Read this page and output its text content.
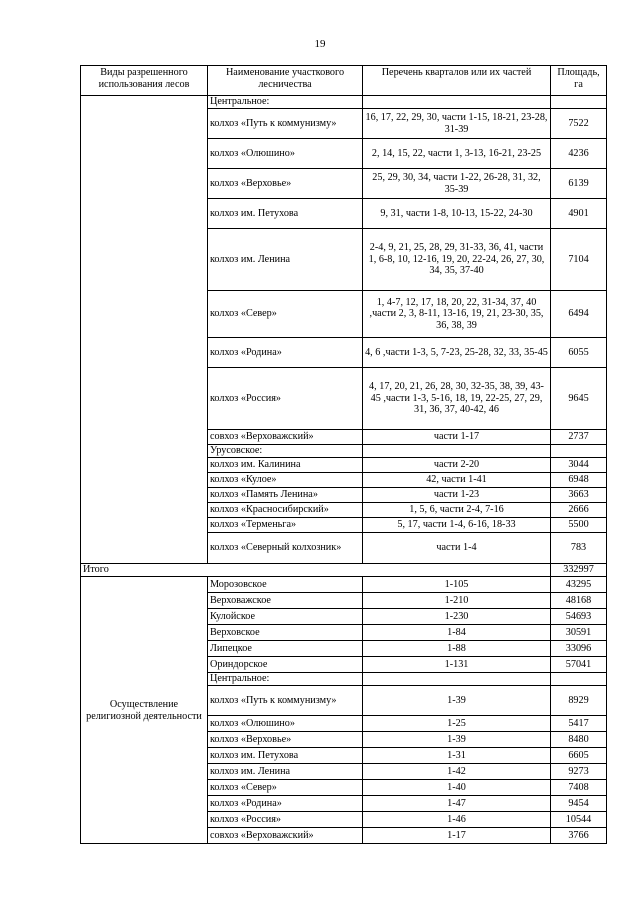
19
Виды разрешенного использования лесов	Наименование участкового лесничества	Перечень кварталов или их частей	Площадь, га
	Центральное:		
	колхоз «Путь к коммунизму»	16, 17, 22, 29, 30, части 1-15, 18-21, 23-28, 31-39	7522
	колхоз «Олюшино»	2, 14, 15, 22, части 1, 3-13, 16-21, 23-25	4236
	колхоз «Верховье»	25, 29, 30, 34, части 1-22, 26-28, 31, 32, 35-39	6139
	колхоз им. Петухова	9, 31, части 1-8, 10-13, 15-22, 24-30	4901
	колхоз им. Ленина	2-4, 9, 21, 25, 28, 29, 31-33, 36, 41, части 1, 6-8, 10, 12-16, 19, 20, 22-24, 26, 27, 30, 34, 35, 37-40	7104
	колхоз «Север»	1, 4-7, 12, 17, 18, 20, 22, 31-34, 37, 40 ,части 2, 3, 8-11, 13-16, 19, 21, 23-30, 35, 36, 38, 39	6494
	колхоз «Родина»	4, 6 ,части 1-3, 5, 7-23, 25-28, 32, 33, 35-45	6055
	колхоз «Россия»	4, 17, 20, 21, 26, 28, 30, 32-35, 38, 39, 43-45 ,части 1-3, 5-16, 18, 19, 22-25, 27, 29, 31, 36, 37, 40-42, 46	9645
	совхоз «Верховажский»	части 1-17	2737
	Урусовское:		
	колхоз им. Калинина	части 2-20	3044
	колхоз «Кулое»	42, части 1-41	6948
	колхоз «Память Ленина»	части 1-23	3663
	колхоз «Красносибирский»	1, 5, 6, части 2-4, 7-16	2666
	колхоз «Терменьга»	5, 17, части 1-4, 6-16, 18-33	5500
	колхоз «Северный колхозник»	части 1-4	783
Итого			332997
Осуществление религиозной деятельности	Морозовское	1-105	43295
	Верховажское	1-210	48168
	Кулойское	1-230	54693
	Верховское	1-84	30591
	Липецкое	1-88	33096
	Ориндорское	1-131	57041
	Центральное:		
	колхоз «Путь к коммунизму»	1-39	8929
	колхоз «Олюшино»	1-25	5417
	колхоз «Верховье»	1-39	8480
	колхоз им. Петухова	1-31	6605
	колхоз им. Ленина	1-42	9273
	колхоз «Север»	1-40	7408
	колхоз «Родина»	1-47	9454
	колхоз «Россия»	1-46	10544
	совхоз «Верховажский»	1-17	3766
